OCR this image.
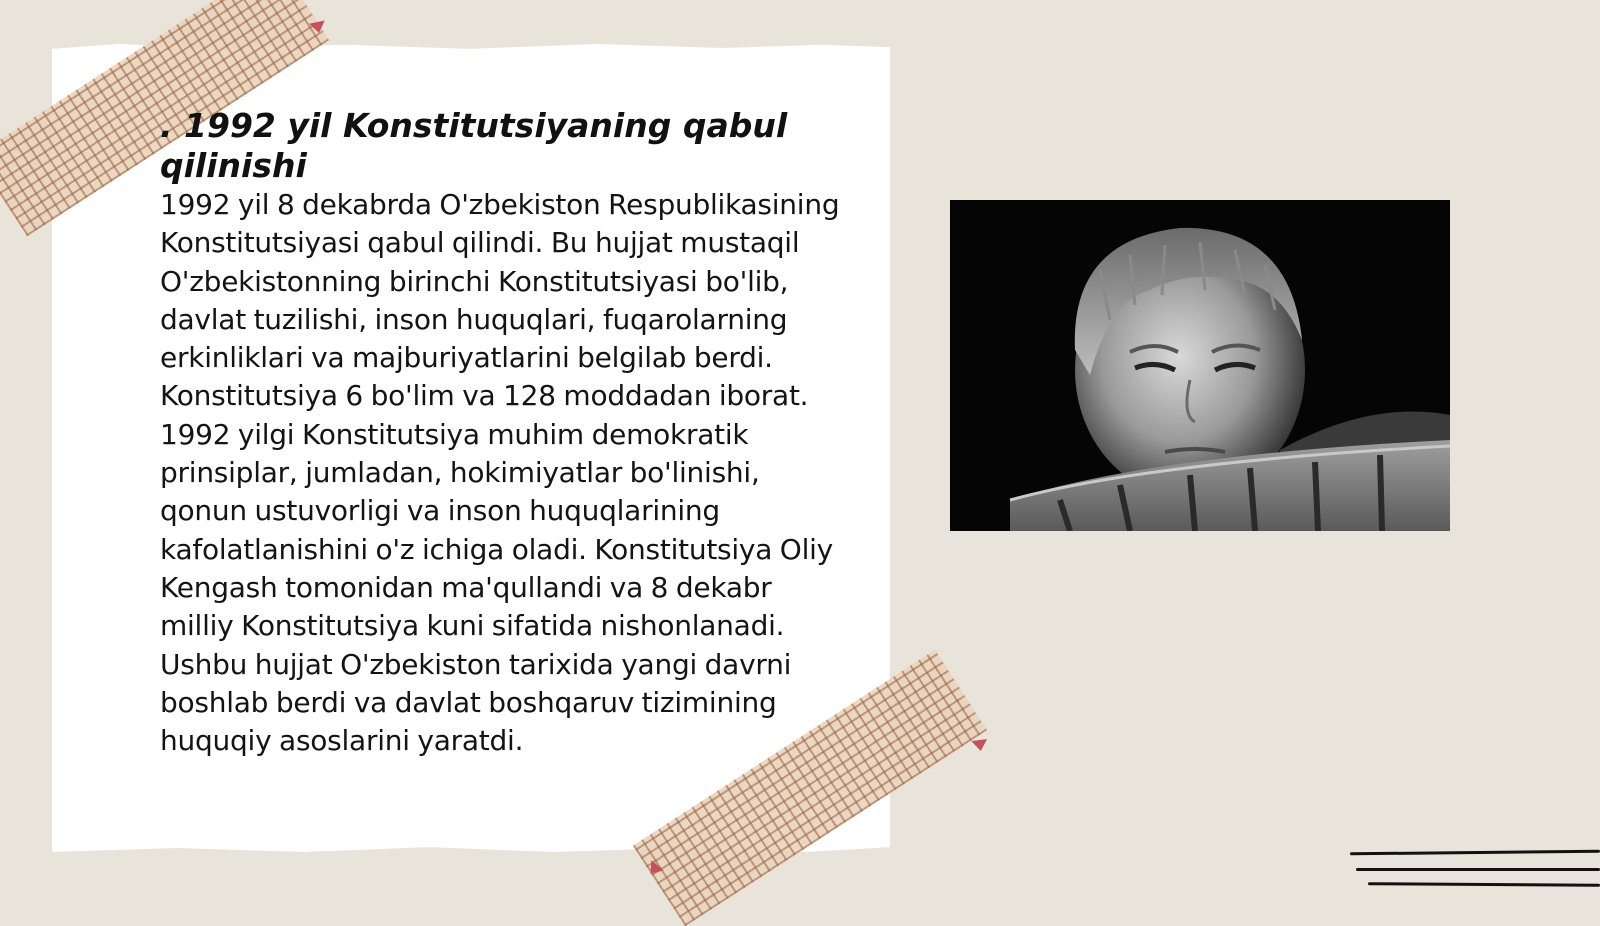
. 1992 yil Konstitutsiyaning qabul qilinishi

1992 yil 8 dekabrda O'zbekiston Respublikasining Konstitutsiyasi qabul qilindi. Bu hujjat mustaqil O'zbekistonning birinchi Konstitutsiyasi bo'lib, davlat tuzilishi, inson huquqlari, fuqarolarning erkinliklari va majburiyatlarini belgilab berdi. Konstitutsiya 6 bo'lim va 128 moddadan iborat. 1992 yilgi Konstitutsiya muhim demokratik prinsiplar, jumladan, hokimiyatlar bo'linishi, qonun ustuvorligi va inson huquqlarining kafolatlanishini o'z ichiga oladi. Konstitutsiya Oliy Kengash tomonidan ma'qullandi va 8 dekabr milliy Konstitutsiya kuni sifatida nishonlanadi. Ushbu hujjat O'zbekiston tarixida yangi davrni boshlab berdi va davlat boshqaruv tizimining huquqiy asoslarini yaratdi.
